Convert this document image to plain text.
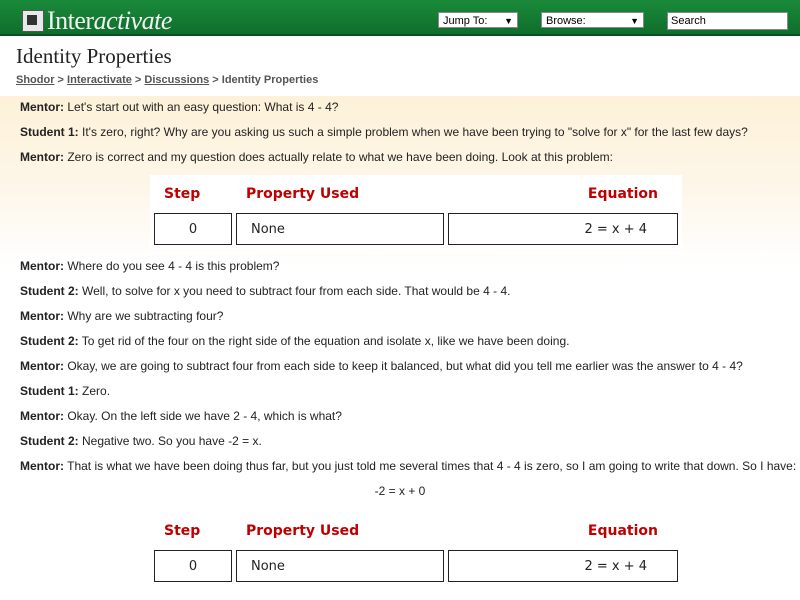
Interactivate	Jump To: ▼	Browse:	▼	Search
Identity Properties
Shodor > Interactivate > Discussions > Identity Properties
Mentor: Let's start out with an easy question: What is 4 - 4?
Student 1: It's zero, right? Why are you asking us such a simple problem when we have been trying to "solve for x" for the last few days?
Mentor: Zero is correct and my question does actually relate to what we have been doing. Look at this problem:
Step	Property Used	Equation
0	None	2 = x + 4
Mentor: Where do you see 4 - 4 is this problem?
Student 2: Well, to solve for x you need to subtract four from each side. That would be 4 - 4.
Mentor: Why are we subtracting four?
Student 2: To get rid of the four on the right side of the equation and isolate x, like we have been doing.
Mentor: Okay, we are going to subtract four from each side to keep it balanced, but what did you tell me earlier was the answer to 4 - 4?
Student 1: Zero.
Mentor: Okay. On the left side we have 2 - 4, which is what?
Student 2: Negative two. So you have -2 = x.
Mentor: That is what we have been doing thus far, but you just told me several times that 4 - 4 is zero, so I am going to write that down. So I have:
-2 = x + 0
Step	Property Used	Equation
0	None	2 = x + 4
